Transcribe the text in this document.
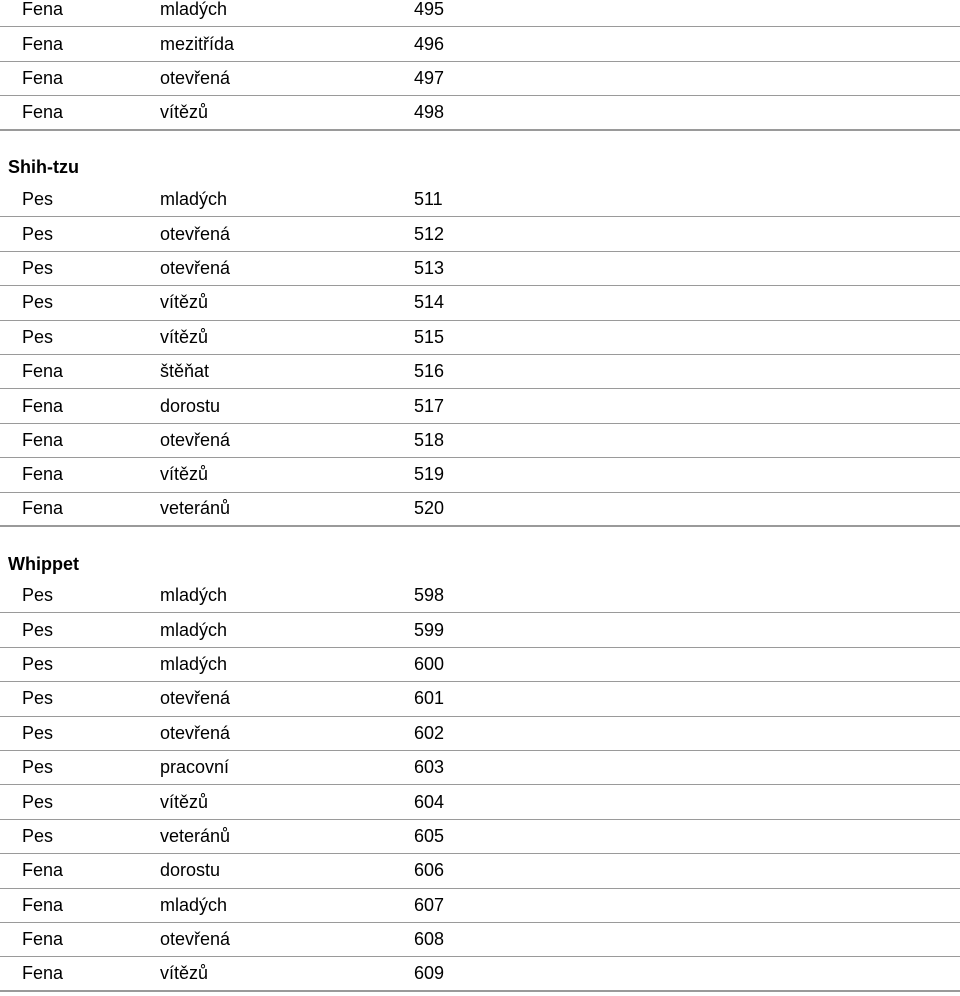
Fena	mladých	495
Fena	mezitřída	496
Fena	otevřená	497
Fena	vítězů	498
Shih-tzu
Pes	mladých	511
Pes	otevřená	512
Pes	otevřená	513
Pes	vítězů	514
Pes	vítězů	515
Fena	štěňat	516
Fena	dorostu	517
Fena	otevřená	518
Fena	vítězů	519
Fena	veteránů	520
Whippet
Pes	mladých	598
Pes	mladých	599
Pes	mladých	600
Pes	otevřená	601
Pes	otevřená	602
Pes	pracovní	603
Pes	vítězů	604
Pes	veteránů	605
Fena	dorostu	606
Fena	mladých	607
Fena	otevřená	608
Fena	vítězů	609
